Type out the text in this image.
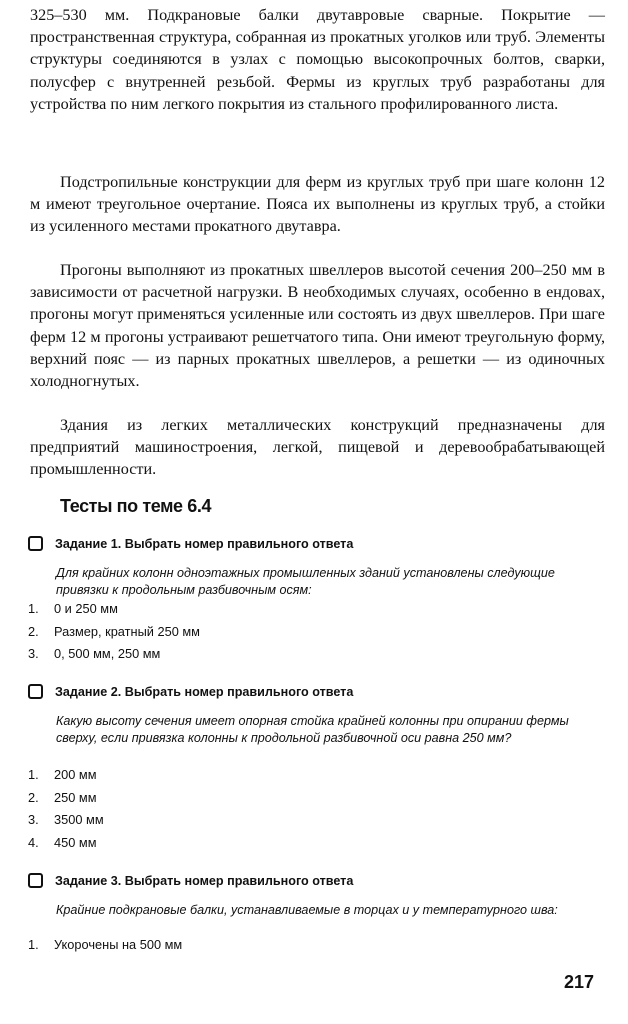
325–530 мм. Подкрановые балки двутавровые сварные. Покрытие — пространственная структура, собранная из прокатных уголков или труб. Элементы структуры соединяются в узлах с помощью высокопрочных болтов, сварки, полусфер с внутренней резьбой. Фермы из круглых труб разработаны для устройства по ним легкого покрытия из стального профилированного листа.

Подстропильные конструкции для ферм из круглых труб при шаге колонн 12 м имеют треугольное очертание. Пояса их выполнены из круглых труб, а стойки из усиленного местами прокатного двутавра.

Прогоны выполняют из прокатных швеллеров высотой сечения 200–250 мм в зависимости от расчетной нагрузки. В необходимых случаях, особенно в ендовах, прогоны могут применяться усиленные или состоять из двух швеллеров. При шаге ферм 12 м прогоны устраивают решетчатого типа. Они имеют треугольную форму, верхний пояс — из парных прокатных швеллеров, а решетки — из одиночных холодногнутых.

Здания из легких металлических конструкций предназначены для предприятий машиностроения, легкой, пищевой и деревообрабатывающей промышленности.

Тесты по теме 6.4
Задание 1. Выбрать номер правильного ответа

Для крайних колонн одноэтажных промышленных зданий установлены следующие привязки к продольным разбивочным осям:

1. 0 и 250 мм
2. Размер, кратный 250 мм
3. 0, 500 мм, 250 мм
Задание 2. Выбрать номер правильного ответа

Какую высоту сечения имеет опорная стойка крайней колонны при опирании фермы сверху, если привязка колонны к продольной разбивочной оси равна 250 мм?

1. 200 мм
2. 250 мм
3. 3500 мм
4. 450 мм
Задание 3. Выбрать номер правильного ответа

Крайние подкрановые балки, устанавливаемые в торцах и у температурного шва:

1. Укорочены на 500 мм
217
